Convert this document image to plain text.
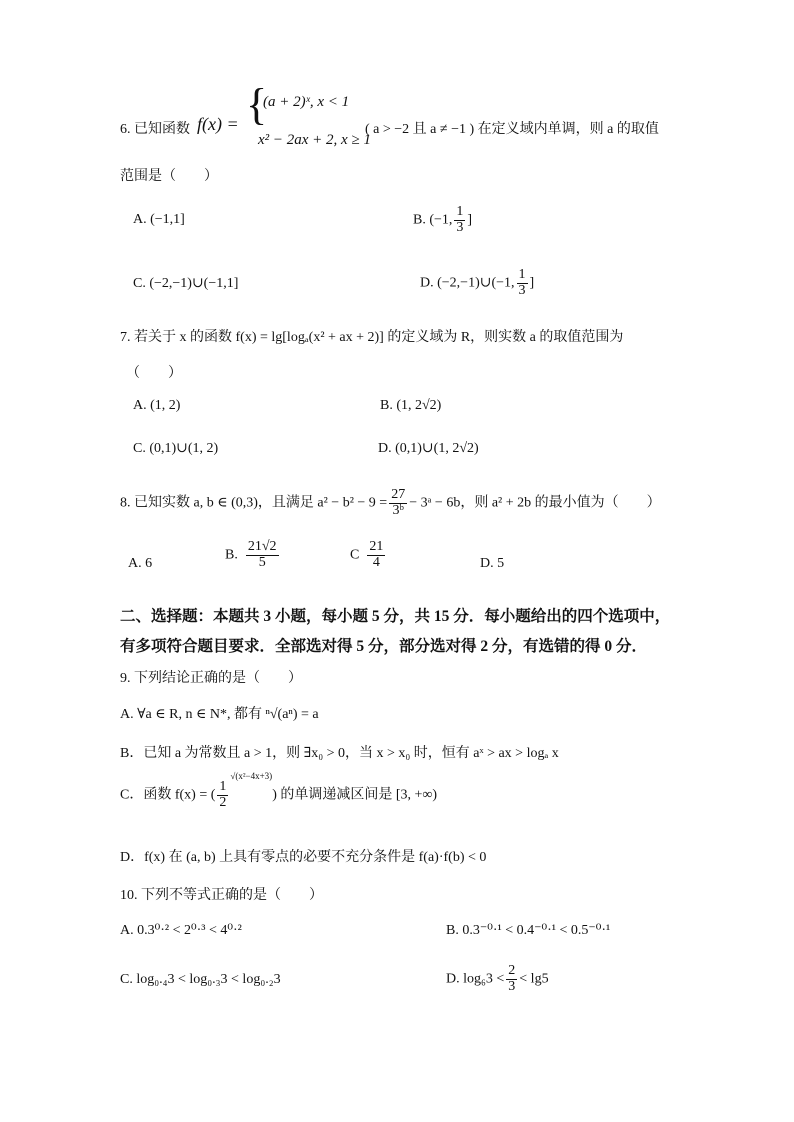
6. 已知函数 f(x) = {
(a + 2)ˣ, x < 1
x² − 2ax + 2, x ≥ 1
( a > −2 且 a ≠ −1 ) 在定义域内单调，则 a 的取值
范围是（　　）
A. (−1,1]	B. (−1, $\frac{1}{3}$ ]
C. (−2,−1)∪(−1,1]	D. (−2,−1)∪(−1, $\frac{1}{3}$ ]
7. 若关于 x 的函数 f(x) = lg[logₐ(x² + ax + 2)] 的定义域为 R，则实数 a 的取值范围为
（　　）
A. (1, 2)	B. (1, 2√2)
C. (0,1)∪(1, 2)	D. (0,1)∪(1, 2√2)
8. 已知实数 a, b ∈ (0,3)，且满足 $a^2 - b^2 - 9 = \frac{27}{\text{3ᵇ}}$ − 3ᵃ − 6b，则 a² + 2b 的最小值为（　　）
A. 6
B. $\frac{21√2}{5}$	C $\frac{21}{4}$	D. 5
二、选择题：本题共 3 小题，每小题 5 分，共 15 分．每小题给出的四个选项中，
有多项符合题目要求．全部选对得 5 分，部分选对得 2 分，有选错的得 0 分．
9. 下列结论正确的是（　　）
A. ∀a ∈ R, n ∈ N*, 都有 ⁿ√(aⁿ) = a
B．已知 a 为常数且 a > 1，则 ∃x₀ > 0，当 x > x₀ 时，恒有 aˣ > ax > logₐ x
C．函数 f(x) = ( $\frac{1}{2}$
$^{√(x^2-4x+3)}$) 的单调递减区间是 [3, +∞)
D．f(x) 在 (a, b) 上具有零点的必要不充分条件是 f(a)·f(b) < 0
10. 下列不等式正确的是（　　）
A. 0.3⁰·² < 2⁰·³ < 4⁰·²	B. 0.3⁻⁰·¹ < 0.4⁻⁰·¹ < 0.5⁻⁰·¹
C. log₀.₄3 < log₀.₃3 < log₀.₂3	D. $\log_63 < \frac{2}{3} < \lg 5$
